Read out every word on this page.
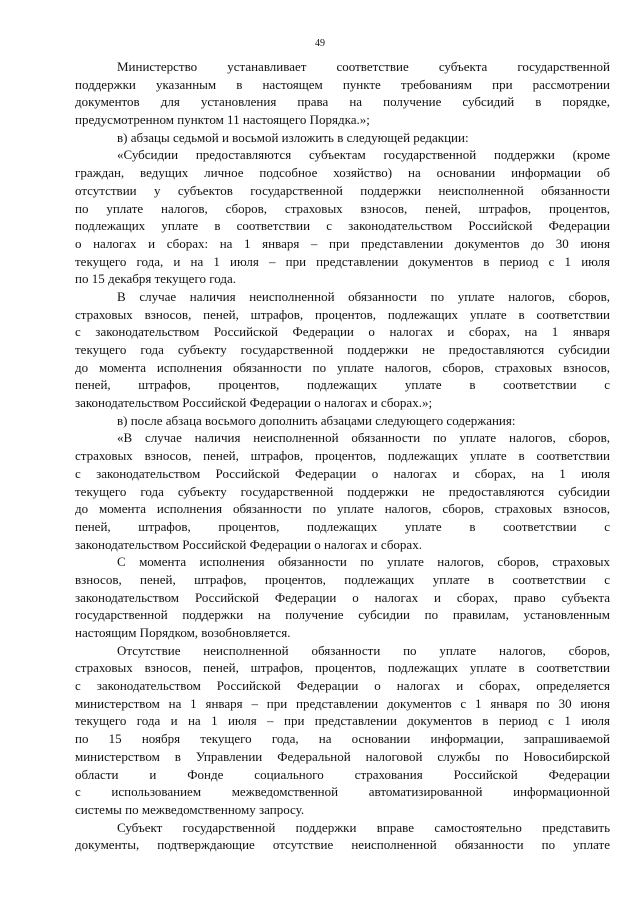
49
Министерство устанавливает соответствие субъекта государственной
поддержки указанным в настоящем пункте требованиям при рассмотрении
документов для установления права на получение субсидий в порядке,
предусмотренном пунктом 11 настоящего Порядка.»;
в) абзацы седьмой и восьмой изложить в следующей редакции:
«Субсидии предоставляются субъектам государственной поддержки (кроме
граждан, ведущих личное подсобное хозяйство) на основании информации об
отсутствии у субъектов государственной поддержки неисполненной обязанности
по уплате налогов, сборов, страховых взносов, пеней, штрафов, процентов,
подлежащих уплате в соответствии с законодательством Российской Федерации
о налогах и сборах: на 1 января – при представлении документов до 30 июня
текущего года, и на 1 июля – при представлении документов в период с 1 июля
по 15 декабря текущего года.
В случае наличия неисполненной обязанности по уплате налогов, сборов,
страховых взносов, пеней, штрафов, процентов, подлежащих уплате в соответствии
с законодательством Российской Федерации о налогах и сборах, на 1 января
текущего года субъекту государственной поддержки не предоставляются субсидии
до момента исполнения обязанности по уплате налогов, сборов, страховых взносов,
пеней, штрафов, процентов, подлежащих уплате в соответствии с
законодательством Российской Федерации о налогах и сборах.»;
в) после абзаца восьмого дополнить абзацами следующего содержания:
«В случае наличия неисполненной обязанности по уплате налогов, сборов,
страховых взносов, пеней, штрафов, процентов, подлежащих уплате в соответствии
с законодательством Российской Федерации о налогах и сборах, на 1 июля
текущего года субъекту государственной поддержки не предоставляются субсидии
до момента исполнения обязанности по уплате налогов, сборов, страховых взносов,
пеней, штрафов, процентов, подлежащих уплате в соответствии с
законодательством Российской Федерации о налогах и сборах.
С момента исполнения обязанности по уплате налогов, сборов, страховых
взносов, пеней, штрафов, процентов, подлежащих уплате в соответствии с
законодательством Российской Федерации о налогах и сборах, право субъекта
государственной поддержки на получение субсидии по правилам, установленным
настоящим Порядком, возобновляется.
Отсутствие неисполненной обязанности по уплате налогов, сборов,
страховых взносов, пеней, штрафов, процентов, подлежащих уплате в соответствии
с законодательством Российской Федерации о налогах и сборах, определяется
министерством на 1 января – при представлении документов с 1 января по 30 июня
текущего года и на 1 июля – при представлении документов в период с 1 июля
по 15 ноября текущего года, на основании информации, запрашиваемой
министерством в Управлении Федеральной налоговой службы по Новосибирской
области и Фонде социального страхования Российской Федерации
с использованием межведомственной автоматизированной информационной
системы по межведомственному запросу.
Субъект государственной поддержки вправе самостоятельно представить
документы, подтверждающие отсутствие неисполненной обязанности по уплате
